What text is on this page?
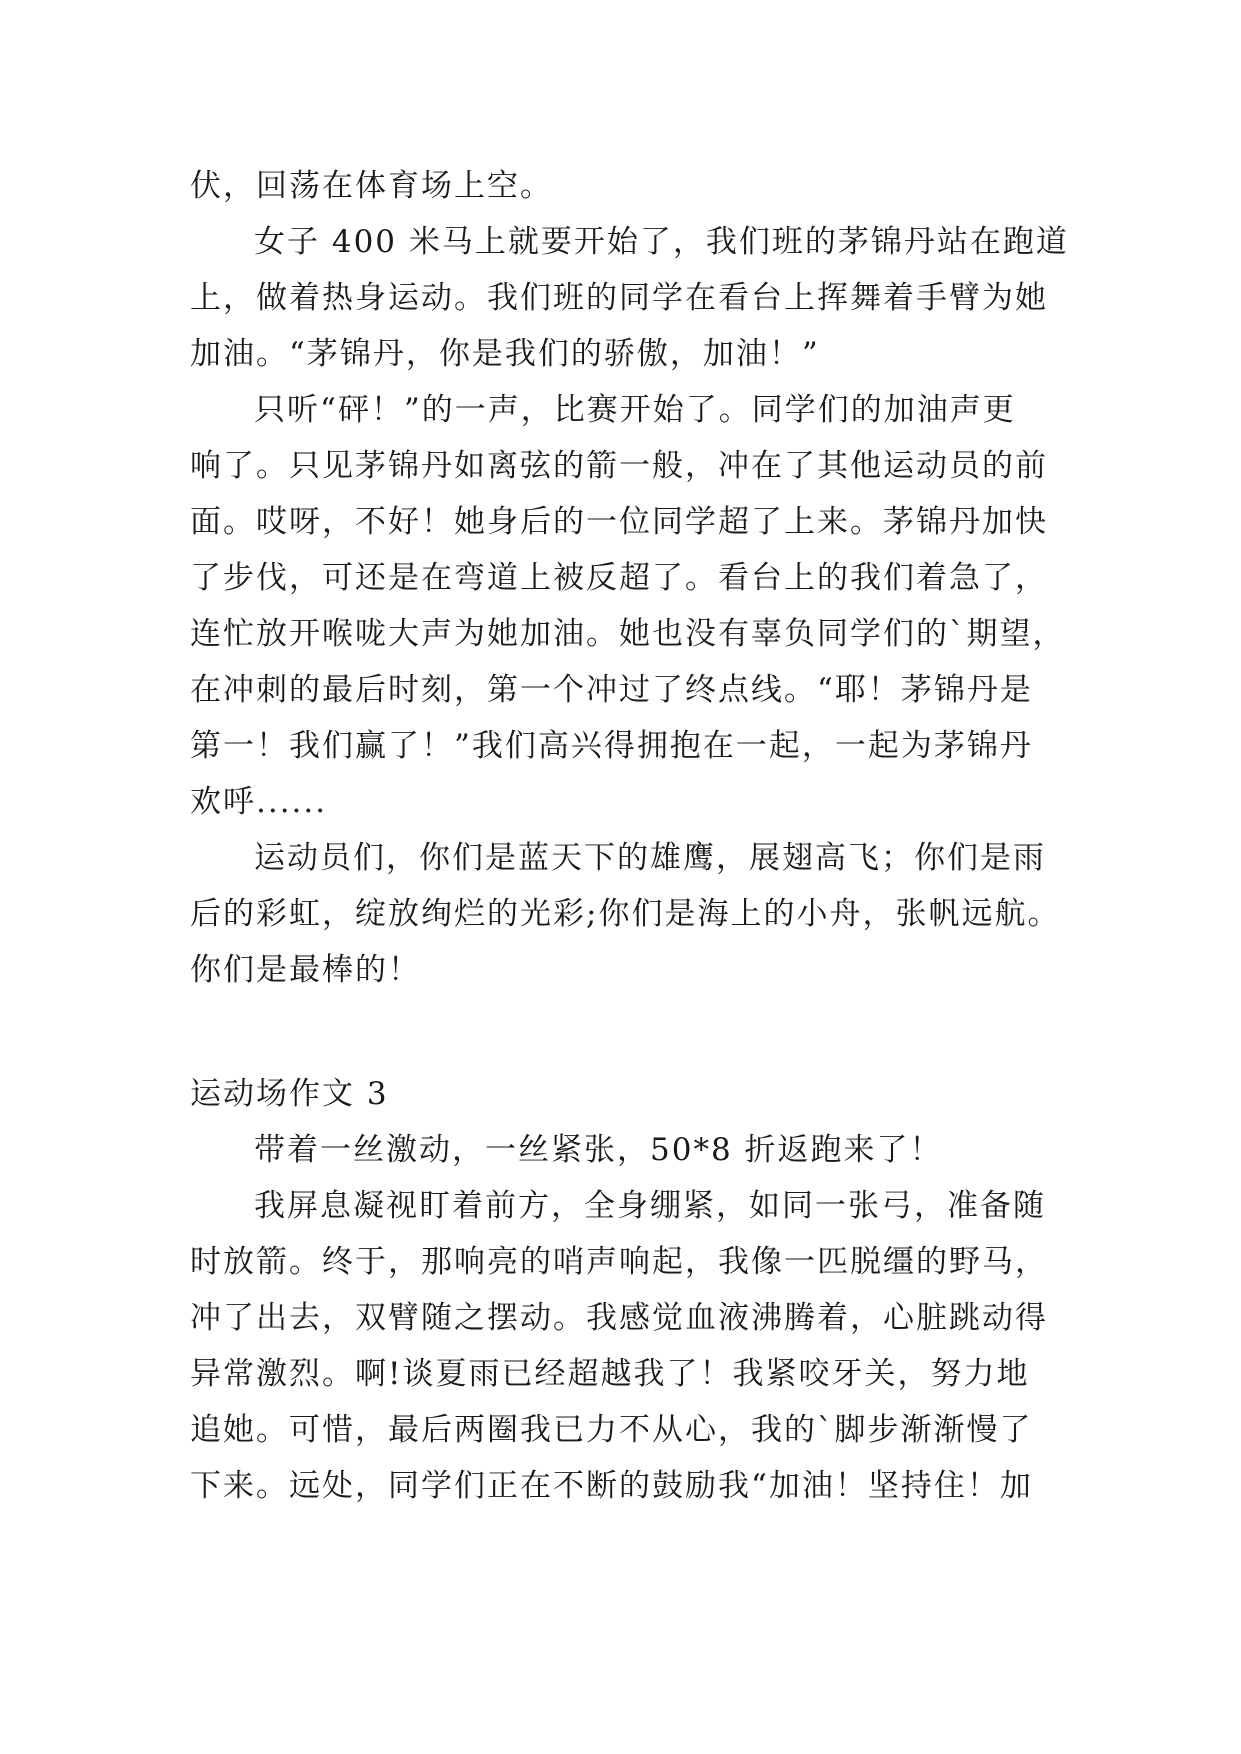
伏，回荡在体育场上空。
女子 400 米马上就要开始了，我们班的茅锦丹站在跑道
上，做着热身运动。我们班的同学在看台上挥舞着手臂为她
加油。“茅锦丹，你是我们的骄傲，加油！”
只听“砰！”的一声，比赛开始了。同学们的加油声更
响了。只见茅锦丹如离弦的箭一般，冲在了其他运动员的前
面。哎呀，不好！她身后的一位同学超了上来。茅锦丹加快
了步伐，可还是在弯道上被反超了。看台上的我们着急了，
连忙放开喉咙大声为她加油。她也没有辜负同学们的`期望，
在冲刺的最后时刻，第一个冲过了终点线。“耶！茅锦丹是
第一！我们赢了！”我们高兴得拥抱在一起，一起为茅锦丹
欢呼......
运动员们，你们是蓝天下的雄鹰，展翅高飞；你们是雨
后的彩虹，绽放绚烂的光彩;你们是海上的小舟，张帆远航。
你们是最棒的！
运动场作文 3
带着一丝激动，一丝紧张，50*8 折返跑来了！
我屏息凝视盯着前方，全身绷紧，如同一张弓，准备随
时放箭。终于，那响亮的哨声响起，我像一匹脱缰的野马，
冲了出去，双臂随之摆动。我感觉血液沸腾着，心脏跳动得
异常激烈。啊!谈夏雨已经超越我了！我紧咬牙关，努力地
追她。可惜，最后两圈我已力不从心，我的`脚步渐渐慢了
下来。远处，同学们正在不断的鼓励我“加油！坚持住！加
